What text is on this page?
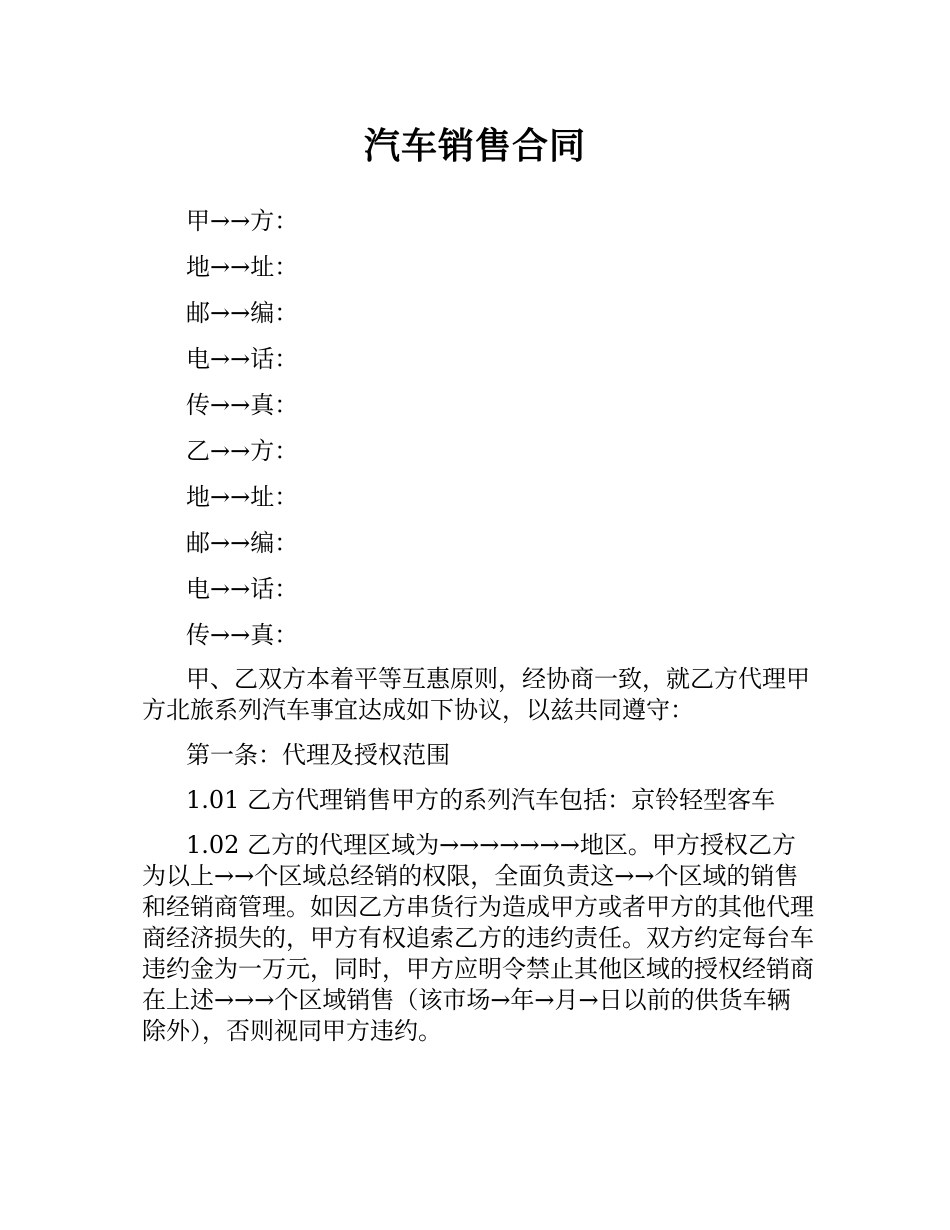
汽车销售合同
甲→→方：
地→→址：
邮→→编：
电→→话：
传→→真：
乙→→方：
地→→址：
邮→→编：
电→→话：
传→→真：

甲、乙双方本着平等互惠原则，经协商一致，就乙方代理甲方北旅系列汽车事宜达成如下协议，以兹共同遵守：

第一条：代理及授权范围

1.01 乙方代理销售甲方的系列汽车包括：京铃轻型客车

1.02 乙方的代理区域为→→→→→→→地区。甲方授权乙方为以上→→个区域总经销的权限，全面负责这→→个区域的销售和经销商管理。如因乙方串货行为造成甲方或者甲方的其他代理商经济损失的，甲方有权追索乙方的违约责任。双方约定每台车违约金为一万元，同时，甲方应明令禁止其他区域的授权经销商在上述→→→个区域销售（该市场→年→月→日以前的供货车辆除外），否则视同甲方违约。
